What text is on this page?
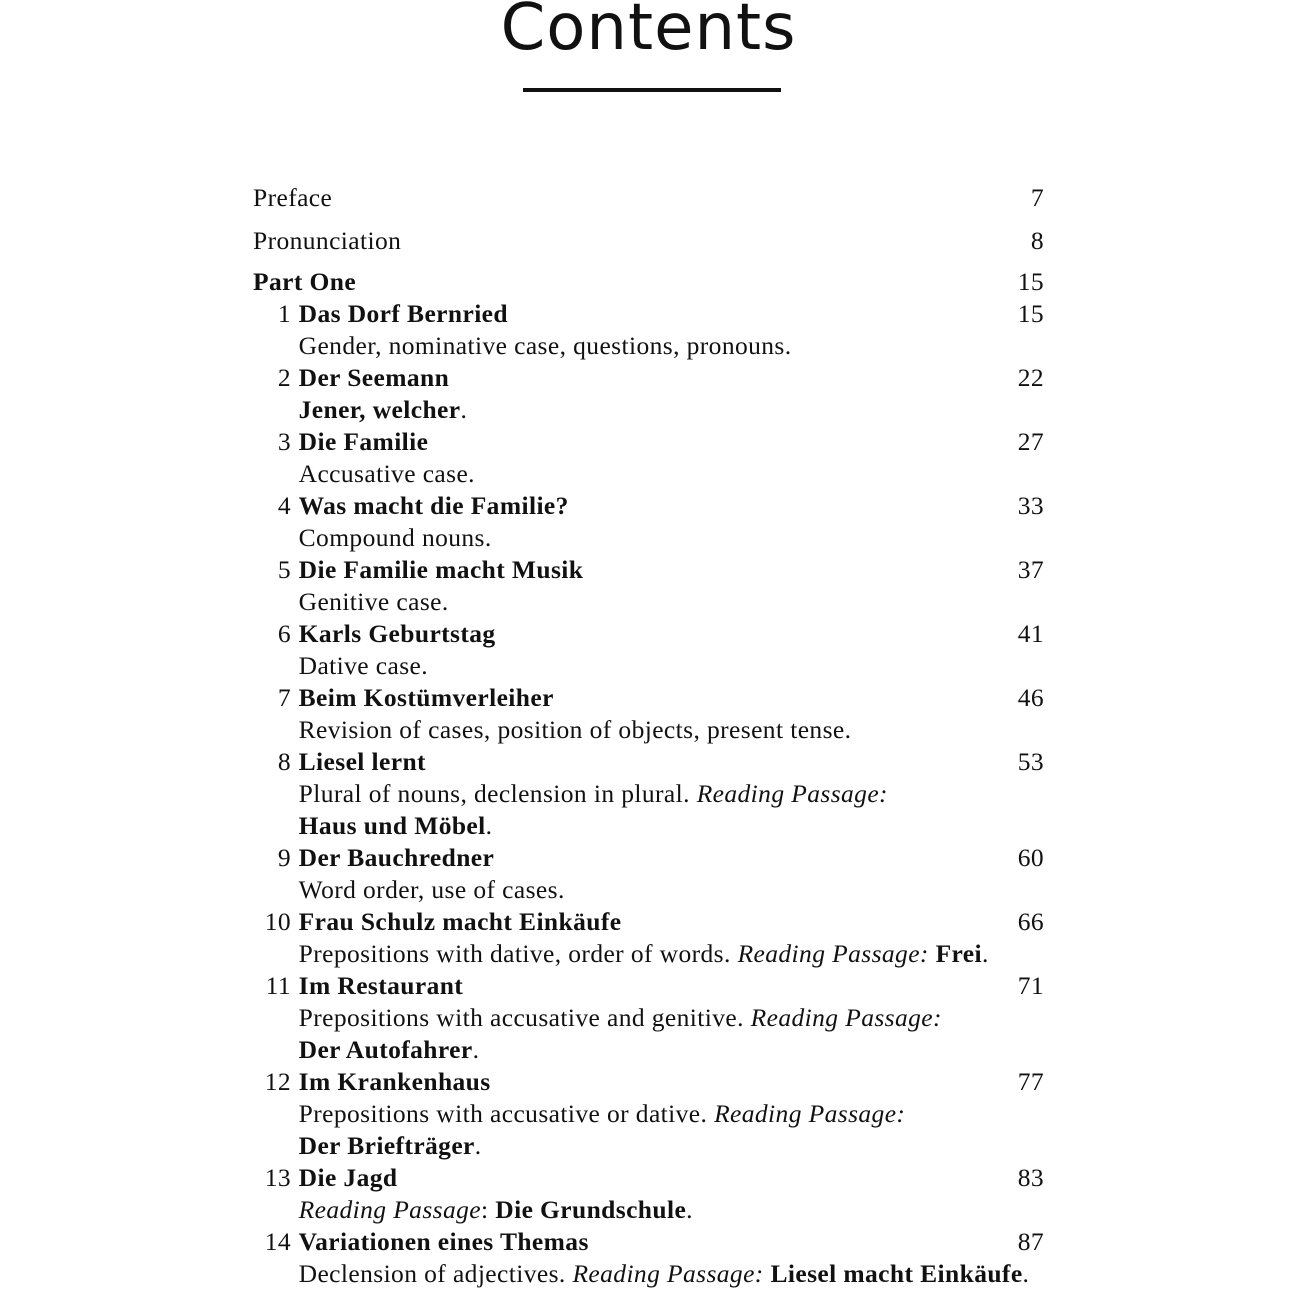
Contents
Preface	7
Pronunciation	8
Part One	15
1 Das Dorf Bernried	15
Gender, nominative case, questions, pronouns.
2 Der Seemann	22
Jener, welcher.
3 Die Familie	27
Accusative case.
4 Was macht die Familie?	33
Compound nouns.
5 Die Familie macht Musik	37
Genitive case.
6 Karls Geburtstag	41
Dative case.
7 Beim Kostümverleiher	46
Revision of cases, position of objects, present tense.
8 Liesel lernt	53
Plural of nouns, declension in plural. Reading Passage:
Haus und Möbel.
9 Der Bauchredner	60
Word order, use of cases.
10 Frau Schulz macht Einkäufe	66
Prepositions with dative, order of words. Reading Passage: Frei.
11 Im Restaurant	71
Prepositions with accusative and genitive. Reading Passage:
Der Autofahrer.
12 Im Krankenhaus	77
Prepositions with accusative or dative. Reading Passage:
Der Briefträger.
13 Die Jagd	83
Reading Passage: Die Grundschule.
14 Variationen eines Themas	87
Declension of adjectives. Reading Passage: Liesel macht Einkäufe.
